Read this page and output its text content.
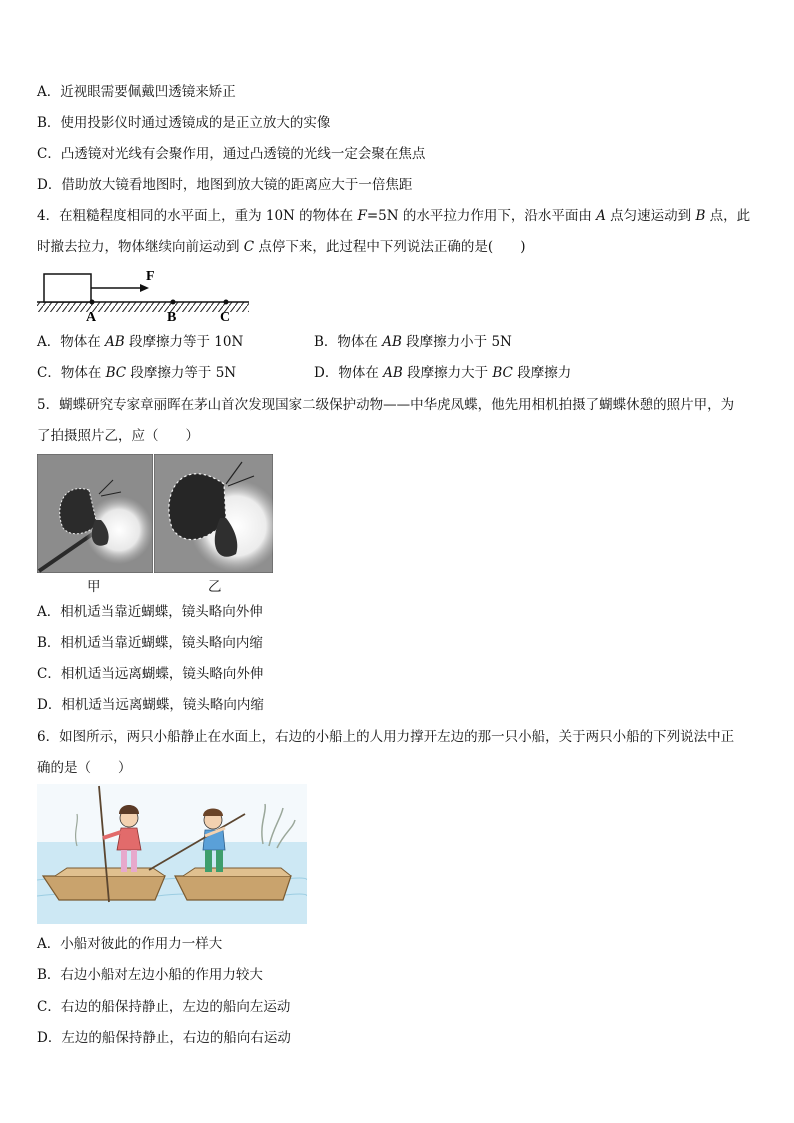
A．近视眼需要佩戴凹透镜来矫正
B．使用投影仪时通过透镜成的是正立放大的实像
C．凸透镜对光线有会聚作用，通过凸透镜的光线一定会聚在焦点
D．借助放大镜看地图时，地图到放大镜的距离应大于一倍焦距
4．在粗糙程度相同的水平面上，重为 10N 的物体在 F=5N 的水平拉力作用下，沿水平面由 A 点匀速运动到 B 点，此
时撤去拉力，物体继续向前运动到 C 点停下来，此过程中下列说法正确的是(　　)
F
A	B	C
A．物体在 AB 段摩擦力等于 10N	B．物体在 AB 段摩擦力小于 5N
C．物体在 BC 段摩擦力等于 5N	D．物体在 AB 段摩擦力大于 BC 段摩擦力
5．蝴蝶研究专家章丽晖在茅山首次发现国家二级保护动物——中华虎凤蝶，他先用相机拍摄了蝴蝶休憩的照片甲，为
了拍摄照片乙，应（　　）
甲	乙
A．相机适当靠近蝴蝶，镜头略向外伸
B．相机适当靠近蝴蝶，镜头略向内缩
C．相机适当远离蝴蝶，镜头略向外伸
D．相机适当远离蝴蝶，镜头略向内缩
6．如图所示，两只小船静止在水面上，右边的小船上的人用力撑开左边的那一只小船，关于两只小船的下列说法中正
确的是（　　）
A．小船对彼此的作用力一样大
B．右边小船对左边小船的作用力较大
C．右边的船保持静止，左边的船向左运动
D．左边的船保持静止，右边的船向右运动
